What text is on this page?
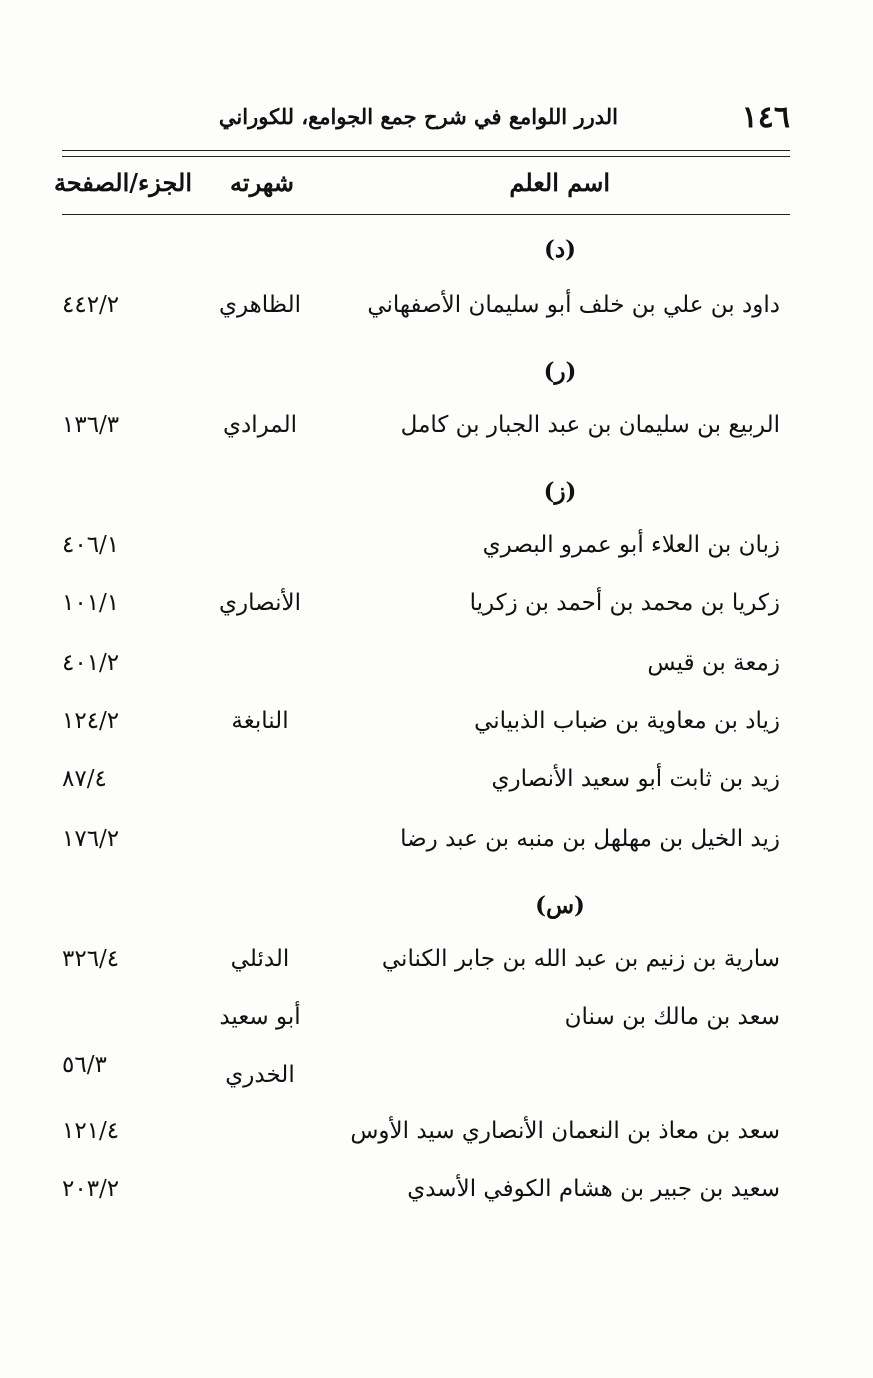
١٤٦
الدرر اللوامع في شرح جمع الجوامع، للكوراني
اسم العلم
شهرته
الجزء/الصفحة
(د)
داود بن علي بن خلف أبو سليمان الأصفهاني
الظاهري
٤٤٢/٢
(ر)
الربيع بن سليمان بن عبد الجبار بن كامل
المرادي
١٣٦/٣
(ز)
زبان بن العلاء أبو عمرو البصري
٤٠٦/١
زكريا بن محمد بن أحمد بن زكريا
الأنصاري
١٠١/١
زمعة بن قيس
٤٠١/٢
زياد بن معاوية بن ضباب الذبياني
النابغة
١٢٤/٢
زيد بن ثابت أبو سعيد الأنصاري
٨٧/٤
زيد الخيل بن مهلهل بن منبه بن عبد رضا
١٧٦/٢
(س)
سارية بن زنيم بن عبد الله بن جابر الكناني
الدئلي
٣٢٦/٤
سعد بن مالك بن سنان
أبو سعيد
الخدري
٥٦/٣
سعد بن معاذ بن النعمان الأنصاري سيد الأوس
١٢١/٤
سعيد بن جبير بن هشام الكوفي الأسدي
٢٠٣/٢
